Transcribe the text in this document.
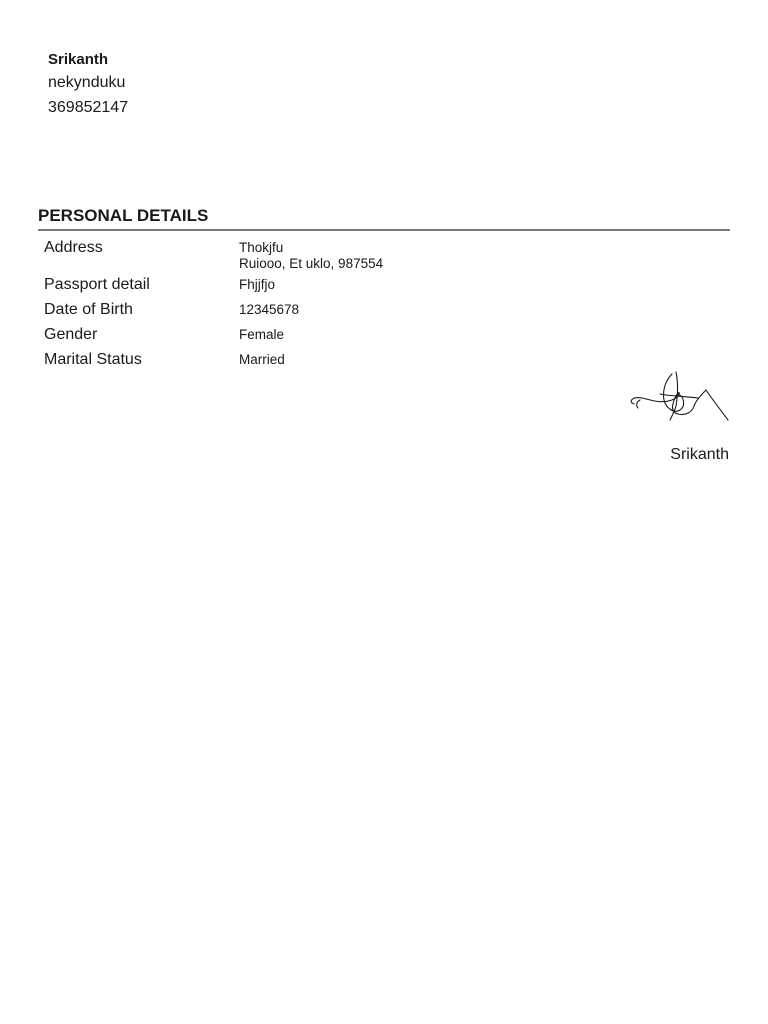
Srikanth

nekynduku

369852147

PERSONAL DETAILS
Address	Thokjfu
Ruiooo, Et uklo, 987554
Passport detail	Fhjjfjo
Date of Birth	12345678
Gender	Female
Marital Status	Married
Srikanth
